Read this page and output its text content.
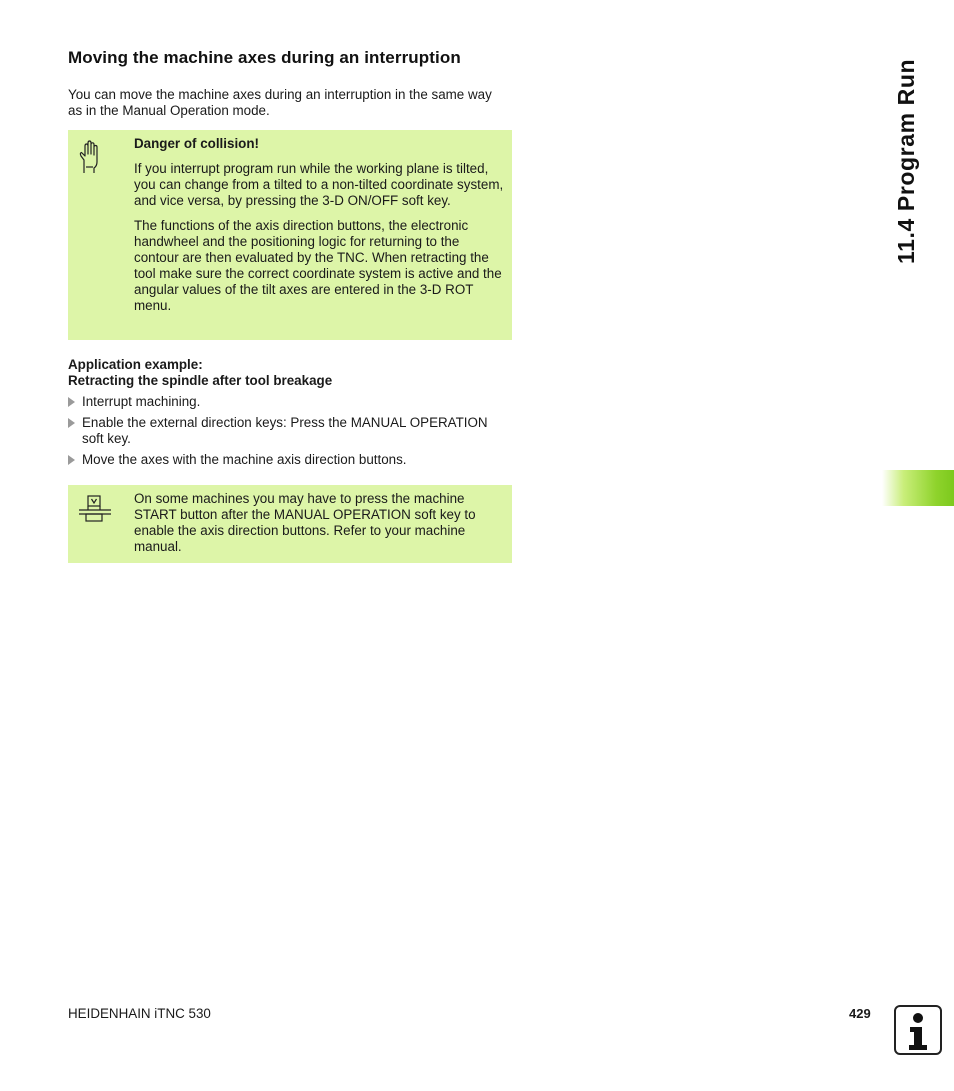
Moving the machine axes during an interruption

You can move the machine axes during an interruption in the same way as in the Manual Operation mode.

Danger of collision!

If you interrupt program run while the working plane is tilted, you can change from a tilted to a non-tilted coordinate system, and vice versa, by pressing the 3-D ON/OFF soft key.

The functions of the axis direction buttons, the electronic handwheel and the positioning logic for returning to the contour are then evaluated by the TNC. When retracting the tool make sure the correct coordinate system is active and the angular values of the tilt axes are entered in the 3-D ROT menu.

Application example:
Retracting the spindle after tool breakage
Interrupt machining.
Enable the external direction keys: Press the MANUAL OPERATION soft key.
Move the axes with the machine axis direction buttons.

On some machines you may have to press the machine START button after the MANUAL OPERATION soft key to enable the axis direction buttons. Refer to your machine manual.

11.4 Program Run
HEIDENHAIN iTNC 530	429
